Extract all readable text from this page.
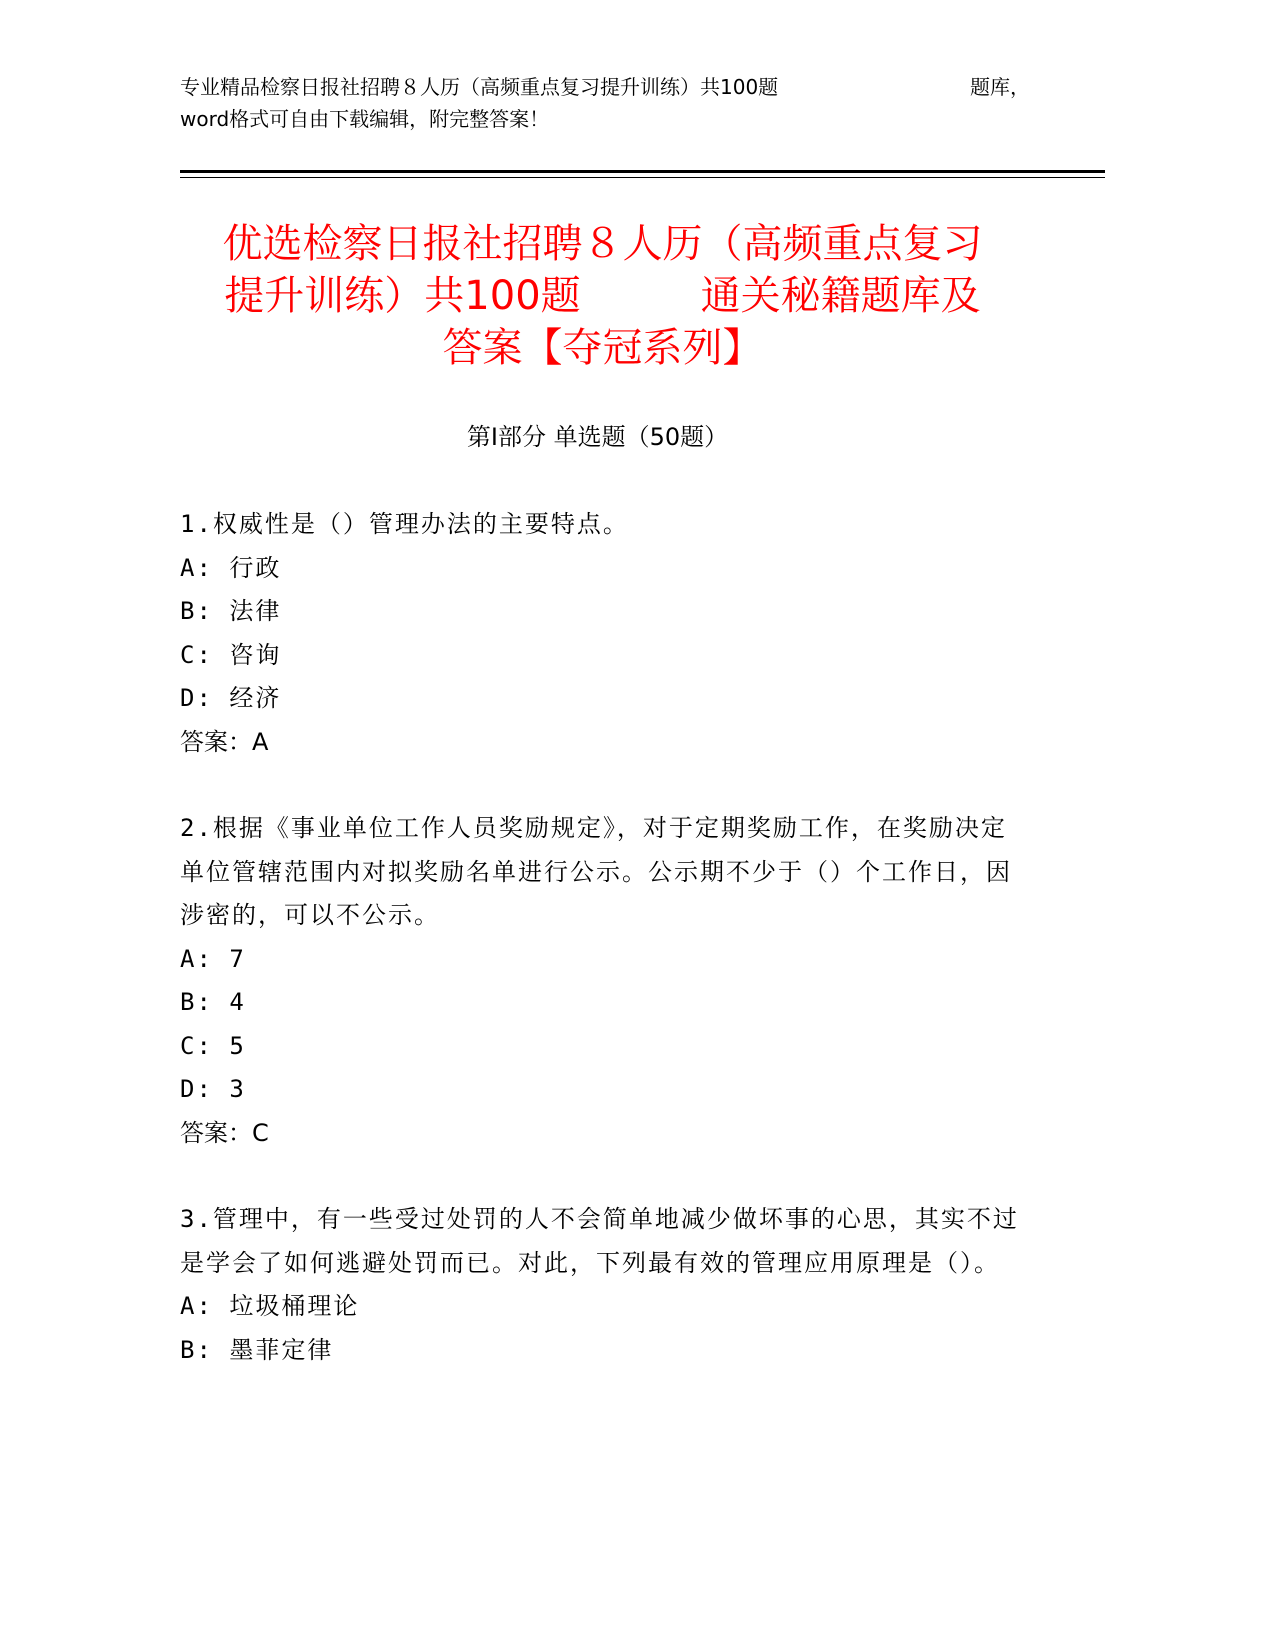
专业精品检察日报社招聘８人历（高频重点复习提升训练）共100题	题库，
word格式可自由下载编辑，附完整答案！
优选检察日报社招聘８人历（高频重点复习
提升训练）共100题　　　通关秘籍题库及
答案【夺冠系列】
第Ⅰ部分 单选题（50题）
1.权威性是（）管理办法的主要特点。
A: 行政
B: 法律
C: 咨询
D: 经济
答案：A
2.根据《事业单位工作人员奖励规定》，对于定期奖励工作，在奖励决定单位管辖范围内对拟奖励名单进行公示。公示期不少于（）个工作日，因涉密的，可以不公示。
A: 7
B: 4
C: 5
D: 3
答案：C
3.管理中，有一些受过处罚的人不会简单地减少做坏事的心思，其实不过是学会了如何逃避处罚而已。对此，下列最有效的管理应用原理是（）。
A: 垃圾桶理论
B: 墨菲定律
